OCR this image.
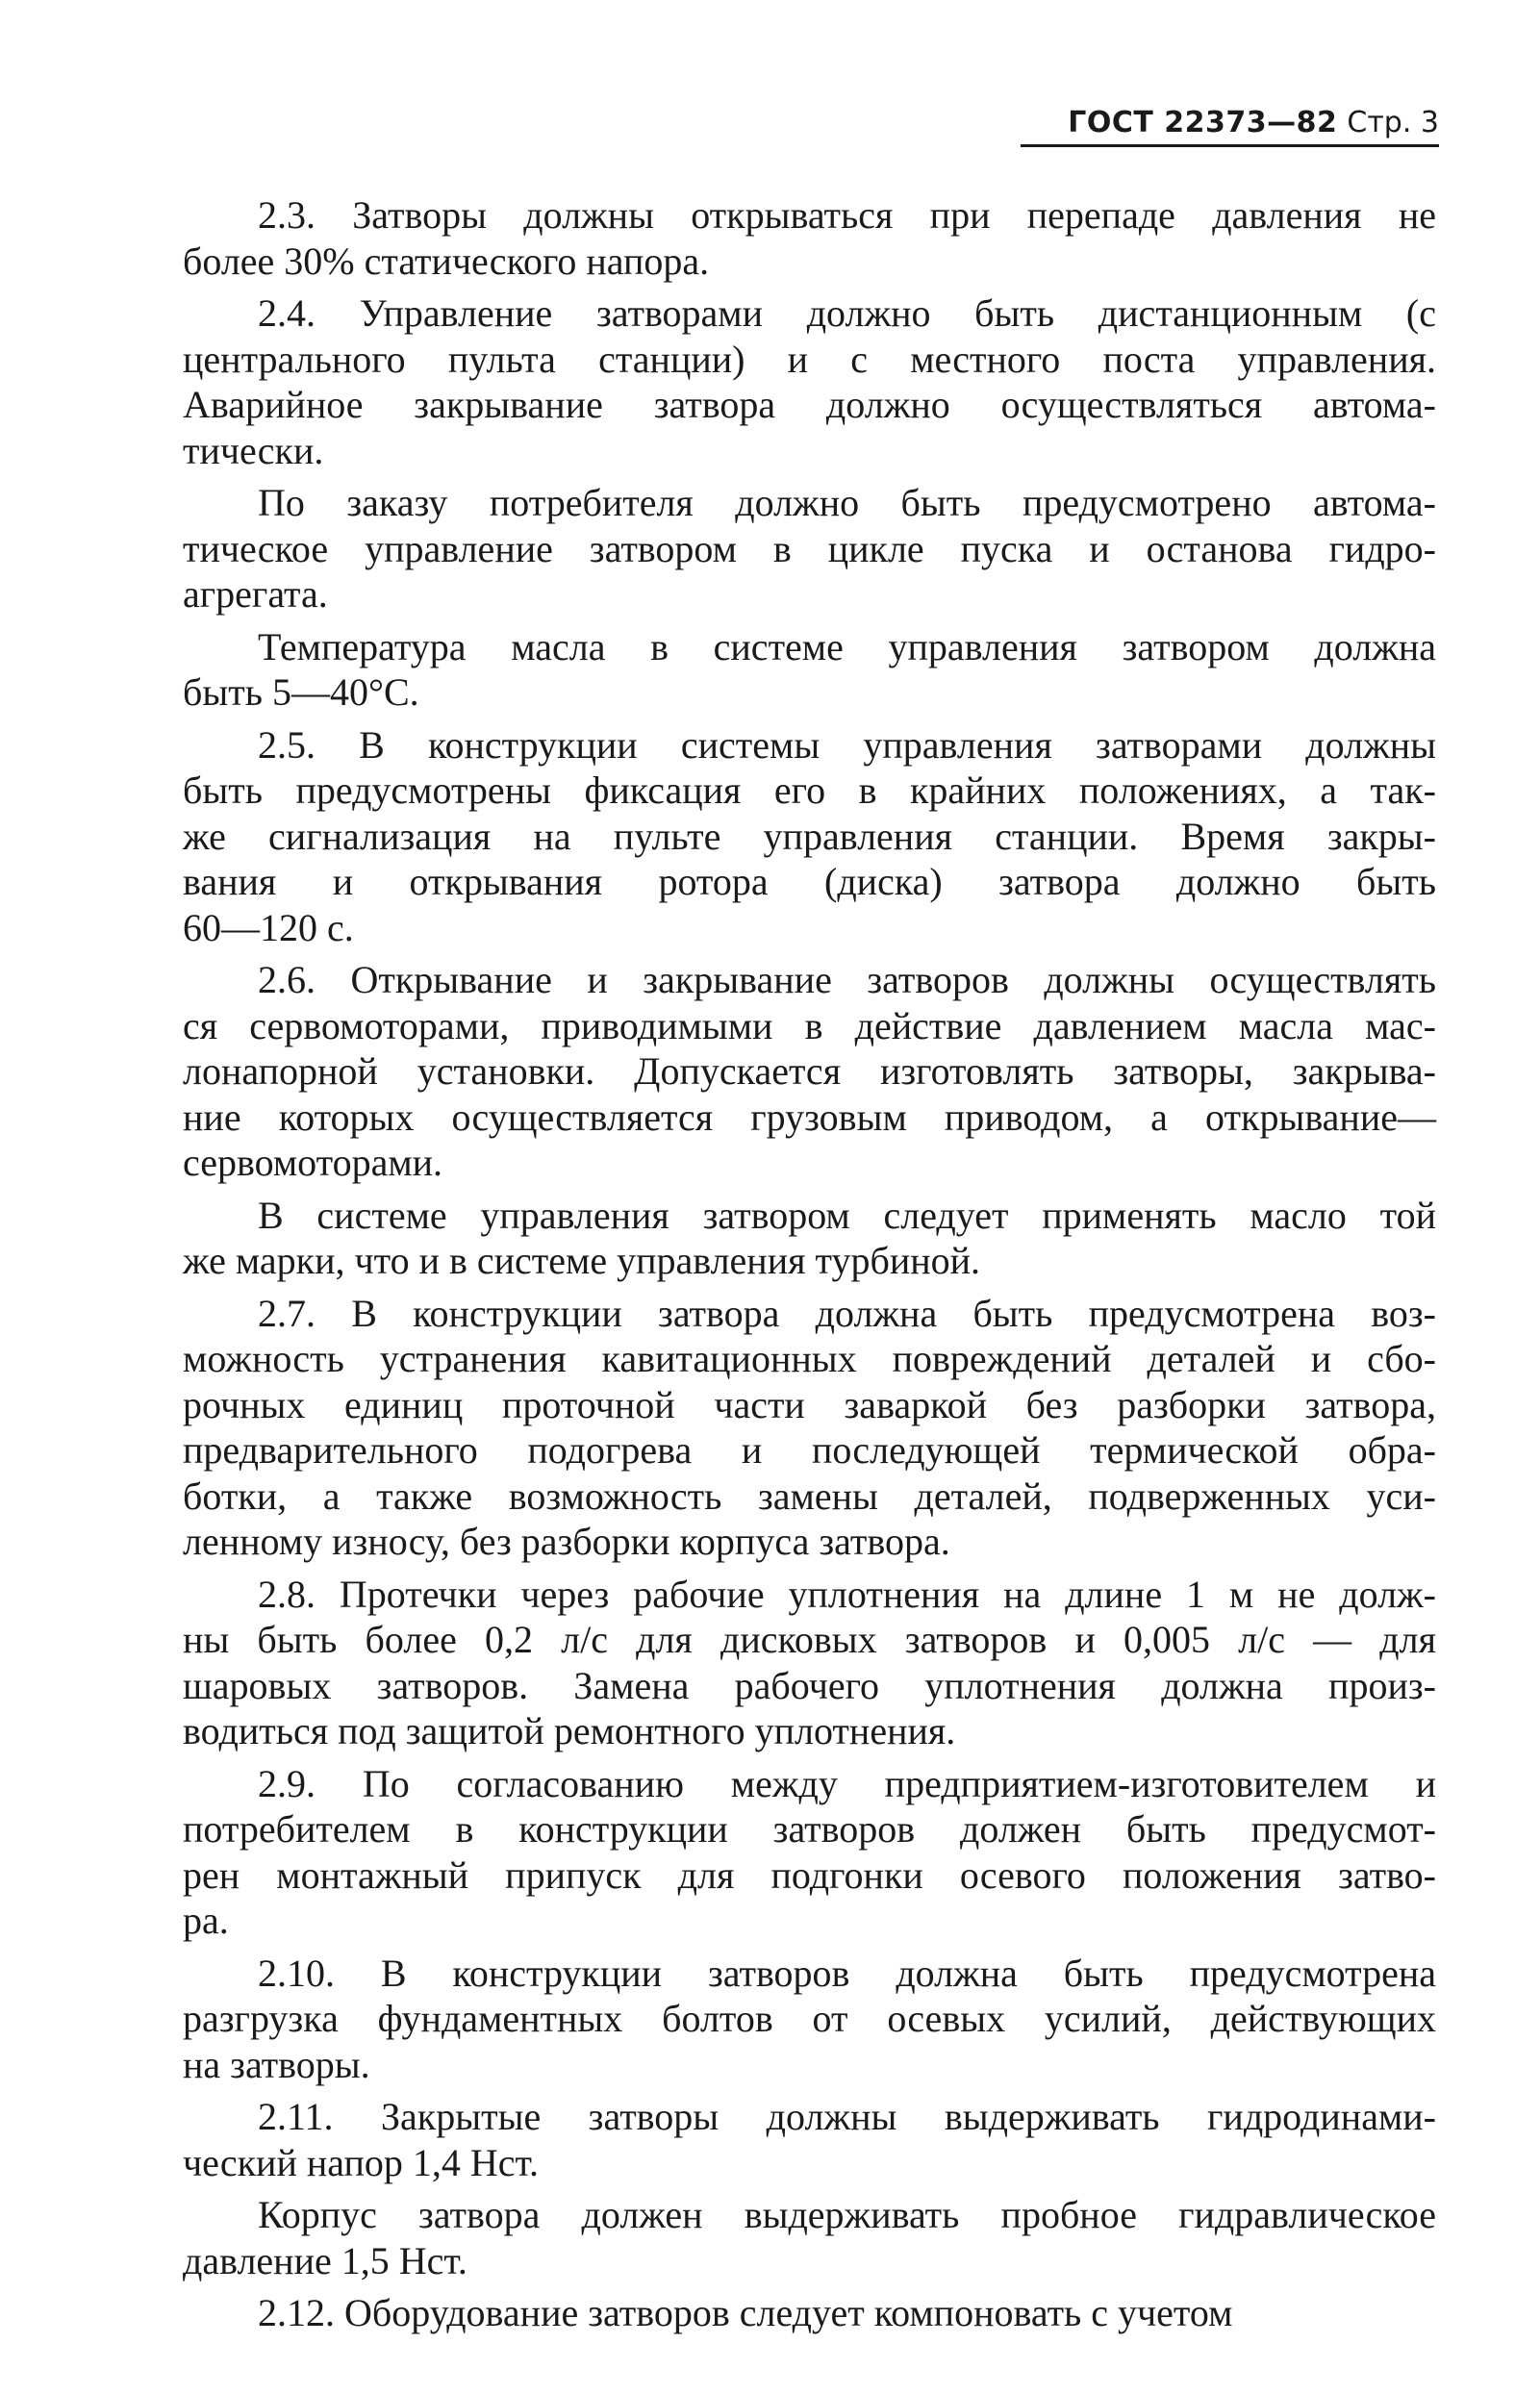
ГОСТ 22373—82 Стр. 3
2.3. Затворы должны открываться при перепаде давления не
более 30% статического напора.
2.4. Управление затворами должно быть дистанционным (с
центрального пульта станции) и с местного поста управления.
Аварийное закрывание затвора должно осуществляться автома-
тически.
По заказу потребителя должно быть предусмотрено автома-
тическое управление затвором в цикле пуска и останова гидро-
агрегата.
Температура масла в системе управления затвором должна
быть 5—40°С.
2.5. В конструкции системы управления затворами должны
быть предусмотрены фиксация его в крайних положениях, а так-
же сигнализация на пульте управления станции. Время закры-
вания и открывания ротора (диска) затвора должно быть
60—120 с.
2.6. Открывание и закрывание затворов должны осуществлять
ся сервомоторами, приводимыми в действие давлением масла мас-
лонапорной установки. Допускается изготовлять затворы, закрыва-
ние которых осуществляется грузовым приводом, а открывание—
сервомоторами.
В системе управления затвором следует применять масло той
же марки, что и в системе управления турбиной.
2.7. В конструкции затвора должна быть предусмотрена воз-
можность устранения кавитационных повреждений деталей и сбо-
рочных единиц проточной части заваркой без разборки затвора,
предварительного подогрева и последующей термической обра-
ботки, а также возможность замены деталей, подверженных уси-
ленному износу, без разборки корпуса затвора.
2.8. Протечки через рабочие уплотнения на длине 1 м не долж-
ны быть более 0,2 л/с для дисковых затворов и 0,005 л/с — для
шаровых затворов. Замена рабочего уплотнения должна произ-
водиться под защитой ремонтного уплотнения.
2.9. По согласованию между предприятием-изготовителем и
потребителем в конструкции затворов должен быть предусмот-
рен монтажный припуск для подгонки осевого положения затво-
ра.
2.10. В конструкции затворов должна быть предусмотрена
разгрузка фундаментных болтов от осевых усилий, действующих
на затворы.
2.11. Закрытые затворы должны выдерживать гидродинами-
ческий напор 1,4 Нст.
Корпус затвора должен выдерживать пробное гидравлическое
давление 1,5 Нст.
2.12. Оборудование затворов следует компоновать с учетом
